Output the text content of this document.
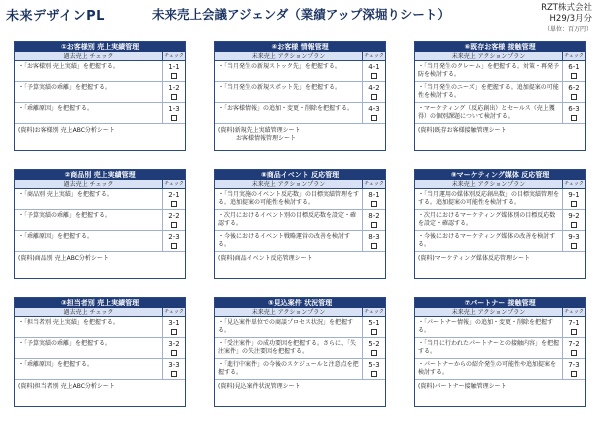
未来デザインPL	未来売上会議アジェンダ（業績アップ深堀りシート）	RZT株式会社
H29/3月分
（単位：百万円）
①お客様別 売上実績管理
過去売上 チェック	チェック
・「お客様別 売上実績」を把握する。	1-1
・「予算実績の乖離」を把握する。	1-2
・「乖離原因」を把握する。	1-3
(資料)お客様別 売上ABC分析シート
④お客様 情報管理
未来売上 アクションプラン	チェック
・「当月発生の新規ストック先」を把握する。	4-1
・「当月発生の新規スポット先」を把握する。	4-2
・「お客様情報」の追加・変更・削除を把握する。	4-3
(資料)新規先上実績管理シート
　　　お客様情報管理シート
⑥既存お客様 接触管理
未来売上 アクションプラン	チェック
・「当月発生のクレーム」を把握する。対策・再発予防を検討する。
6-1
・「当月発生のニーズ」を把握する。追加提案の可能性を検討する。
6-2
・マーケティング（反応創出）とセールス（売上獲得）の個別課題について検討する。
6-3
(資料)既存お客様接触管理シート
②商品別 売上実績管理
過去売上 チェック	チェック
・「商品別 売上実績」を把握する。	2-1
・「予算実績の乖離」を把握する。	2-2
・「乖離原因」を把握する。	2-3
(資料)商品別 売上ABC分析シート
⑧商品イベント 反応管理
未来売上 アクションプラン	チェック
・「当月実施のイベント反応数」の目標実績管理をする。追加提案の可能性を検討する。
8-1
・次月におけるイベント別の目標反応数を設定・確認する。
8-2
・今後におけるイベント戦略運営の改善を検討する。
8-3
(資料)商品イベント反応管理シート
⑨マーケティング媒体 反応管理
未来売上 アクションプラン	チェック
・「当月運用の媒体別反応創出数」の目標実績管理をする。追加提案の可能性を検討する。
9-1
・次月におけるマーケティング媒体別の目標反応数を設定・確認する。
9-2
・今後におけるマーケティング媒体の改善を検討する。
9-3
(資料)マーケティング媒体反応管理シート
③担当者別 売上実績管理
過去売上 チェック	チェック
・「担当者別 売上実績」を把握する。	3-1
・「予算実績の乖離」を把握する。	3-2
・「乖離原因」を把握する。	3-3
(資料)担当者別 売上ABC分析シート
⑤見込案件 状況管理
未来売上 アクションプラン	チェック
・「見込案件単位での商談プロセス状況」を把握する。
5-1
・「受注案件」の成功要因を把握する。さらに、「失注案件」の失注要因を把握する。
5-2
・「進行中案件」の今後のスケジュールと注意点を把握する。
5-3
(資料)見込案件状況管理シート
⑦パートナー 接触管理
未来売上 アクションプラン	チェック
・「パートナー情報」の追加・変更・削除を把握する。
7-1
・「当月に行われたパートナーとの接触内容」を把握する。
7-2
・パートナーからの紹介発生の可能性や追加提案を検討する。
7-3
(資料)パートナー接触管理シート
